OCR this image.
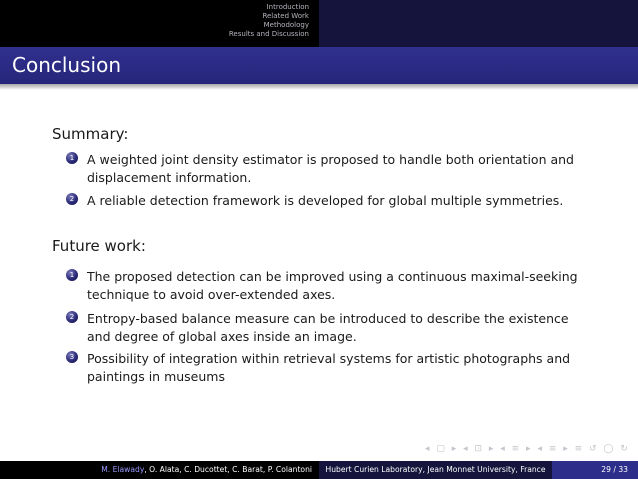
Introduction
Related Work
Methodology
Results and Discussion
Conclusion
Summary:
1	A weighted joint density estimator is proposed to handle both orientation and displacement information.
2	A reliable detection framework is developed for global multiple symmetries.
Future work:
1	The proposed detection can be improved using a continuous maximal-seeking technique to avoid over-extended axes.
2	Entropy-based balance measure can be introduced to describe the existence and degree of global axes inside an image.
3	Possibility of integration within retrieval systems for artistic photographs and paintings in museums
◂ ▢ ▸ ◂ ⊡ ▸ ◂ ≡ ▸ ◂ ≡ ▸ ≡ ↺ ◯ ↻
M. Elawady, O. Alata, C. Ducottet, C. Barat, P. Colantoni	Hubert Curien Laboratory, Jean Monnet University, France	29 / 33
